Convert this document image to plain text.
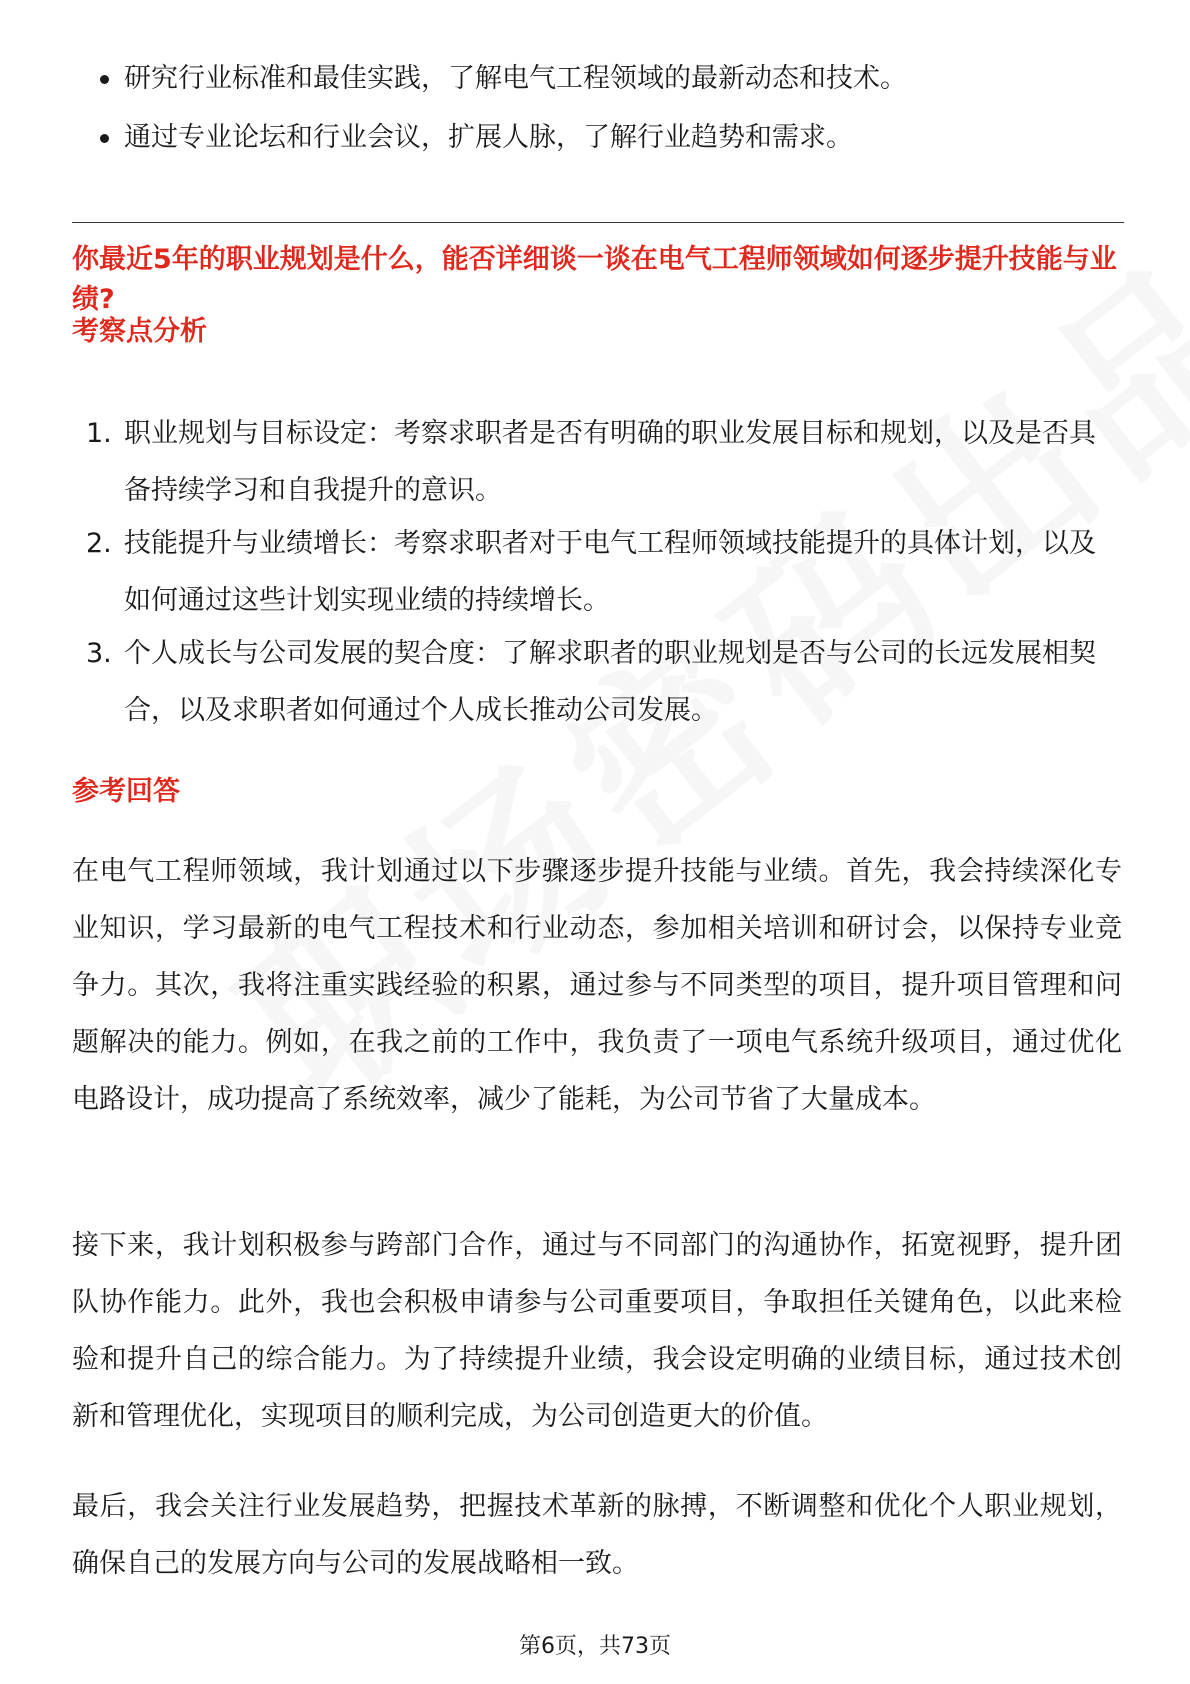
研究行业标准和最佳实践，了解电气工程领域的最新动态和技术。
通过专业论坛和行业会议，扩展人脉，了解行业趋势和需求。
你最近5年的职业规划是什么，能否详细谈一谈在电气工程师领域如何逐步提升技能与业绩?
考察点分析
1. 职业规划与目标设定：考察求职者是否有明确的职业发展目标和规划，以及是否具备持续学习和自我提升的意识。
2. 技能提升与业绩增长：考察求职者对于电气工程师领域技能提升的具体计划，以及如何通过这些计划实现业绩的持续增长。
3. 个人成长与公司发展的契合度：了解求职者的职业规划是否与公司的长远发展相契合，以及求职者如何通过个人成长推动公司发展。
参考回答

在电气工程师领域，我计划通过以下步骤逐步提升技能与业绩。首先，我会持续深化专业知识，学习最新的电气工程技术和行业动态，参加相关培训和研讨会，以保持专业竞争力。其次，我将注重实践经验的积累，通过参与不同类型的项目，提升项目管理和问题解决的能力。例如，在我之前的工作中，我负责了一项电气系统升级项目，通过优化电路设计，成功提高了系统效率，减少了能耗，为公司节省了大量成本。

接下来，我计划积极参与跨部门合作，通过与不同部门的沟通协作，拓宽视野，提升团队协作能力。此外，我也会积极申请参与公司重要项目，争取担任关键角色，以此来检验和提升自己的综合能力。为了持续提升业绩，我会设定明确的业绩目标，通过技术创新和管理优化，实现项目的顺利完成，为公司创造更大的价值。

最后，我会关注行业发展趋势，把握技术革新的脉搏，不断调整和优化个人职业规划，确保自己的发展方向与公司的发展战略相一致。

第6页，共73页
